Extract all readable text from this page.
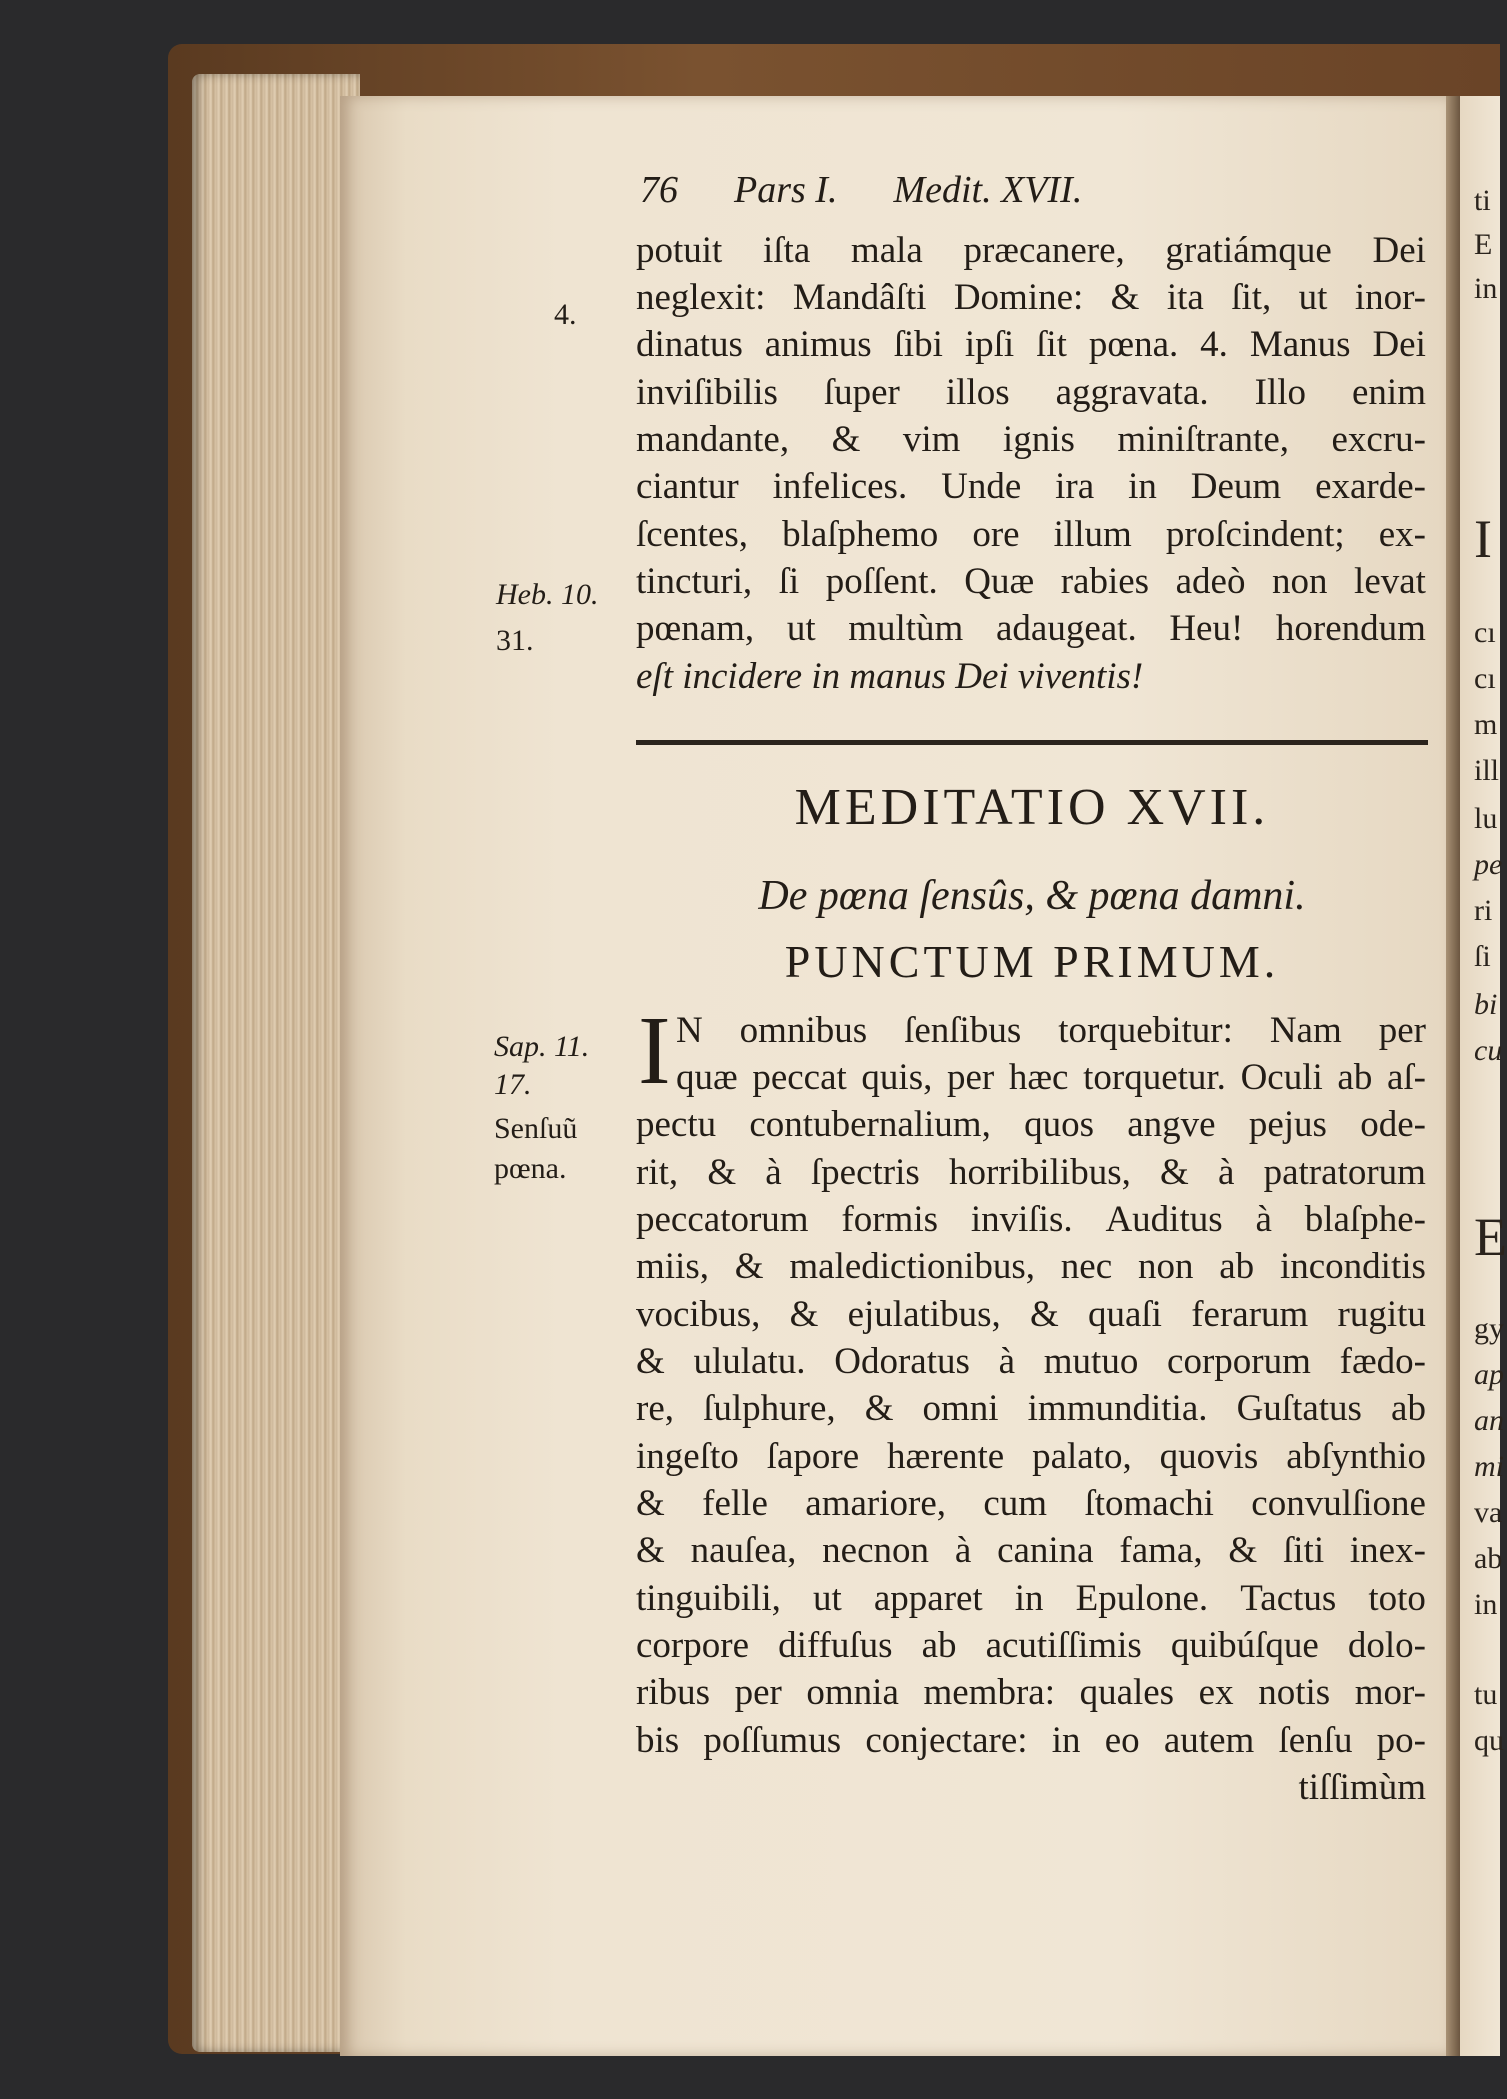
ti
E
in
I
cı
cı
m
ill
lu
pe
ri
ſi
bi
cu
E
gy
ap
an
mi
va
ab
in
tu
qu
76 Pars I. Medit. XVII.
potuit iſta mala præcanere, gratiámque Dei
neglexit: Mandâſti Domine: & ita ſit, ut inor-
dinatus animus ſibi ipſi ſit pœna. 4. Manus Dei
inviſibilis ſuper illos aggravata. Illo enim
mandante, & vim ignis miniſtrante, excru-
ciantur infelices. Unde ira in Deum exarde-
ſcentes, blaſphemo ore illum proſcindent; ex-
tincturi, ſi poſſent. Quæ rabies adeò non levat
pœnam, ut multùm adaugeat. Heu! horendum
eſt incidere in manus Dei viventis!
MEDITATIO XVII.
De pœna ſensûs, & pœna damni.
PUNCTUM PRIMUM.
I N omnibus ſenſibus torquebitur: Nam per
quæ peccat quis, per hæc torquetur. Oculi ab aſ-
pectu contubernalium, quos angve pejus ode-
rit, & à ſpectris horribilibus, & à patratorum
peccatorum formis inviſis. Auditus à blaſphe-
miis, & maledictionibus, nec non ab inconditis
vocibus, & ejulatibus, & quaſi ferarum rugitu
& ululatu. Odoratus à mutuo corporum fædo-
re, ſulphure, & omni immunditia. Guſtatus ab
ingeſto ſapore hærente palato, quovis abſynthio
& felle amariore, cum ſtomachi convulſione
& nauſea, necnon à canina fama, & ſiti inex-
tinguibili, ut apparet in Epulone. Tactus toto
corpore diffuſus ab acutiſſimis quibúſque dolo-
ribus per omnia membra: quales ex notis mor-
bis poſſumus conjectare: in eo autem ſenſu po-
tiſſimùm
4.
Heb. 10.
31.
Sap. 11.
17.
Senſuũ
pœna.
